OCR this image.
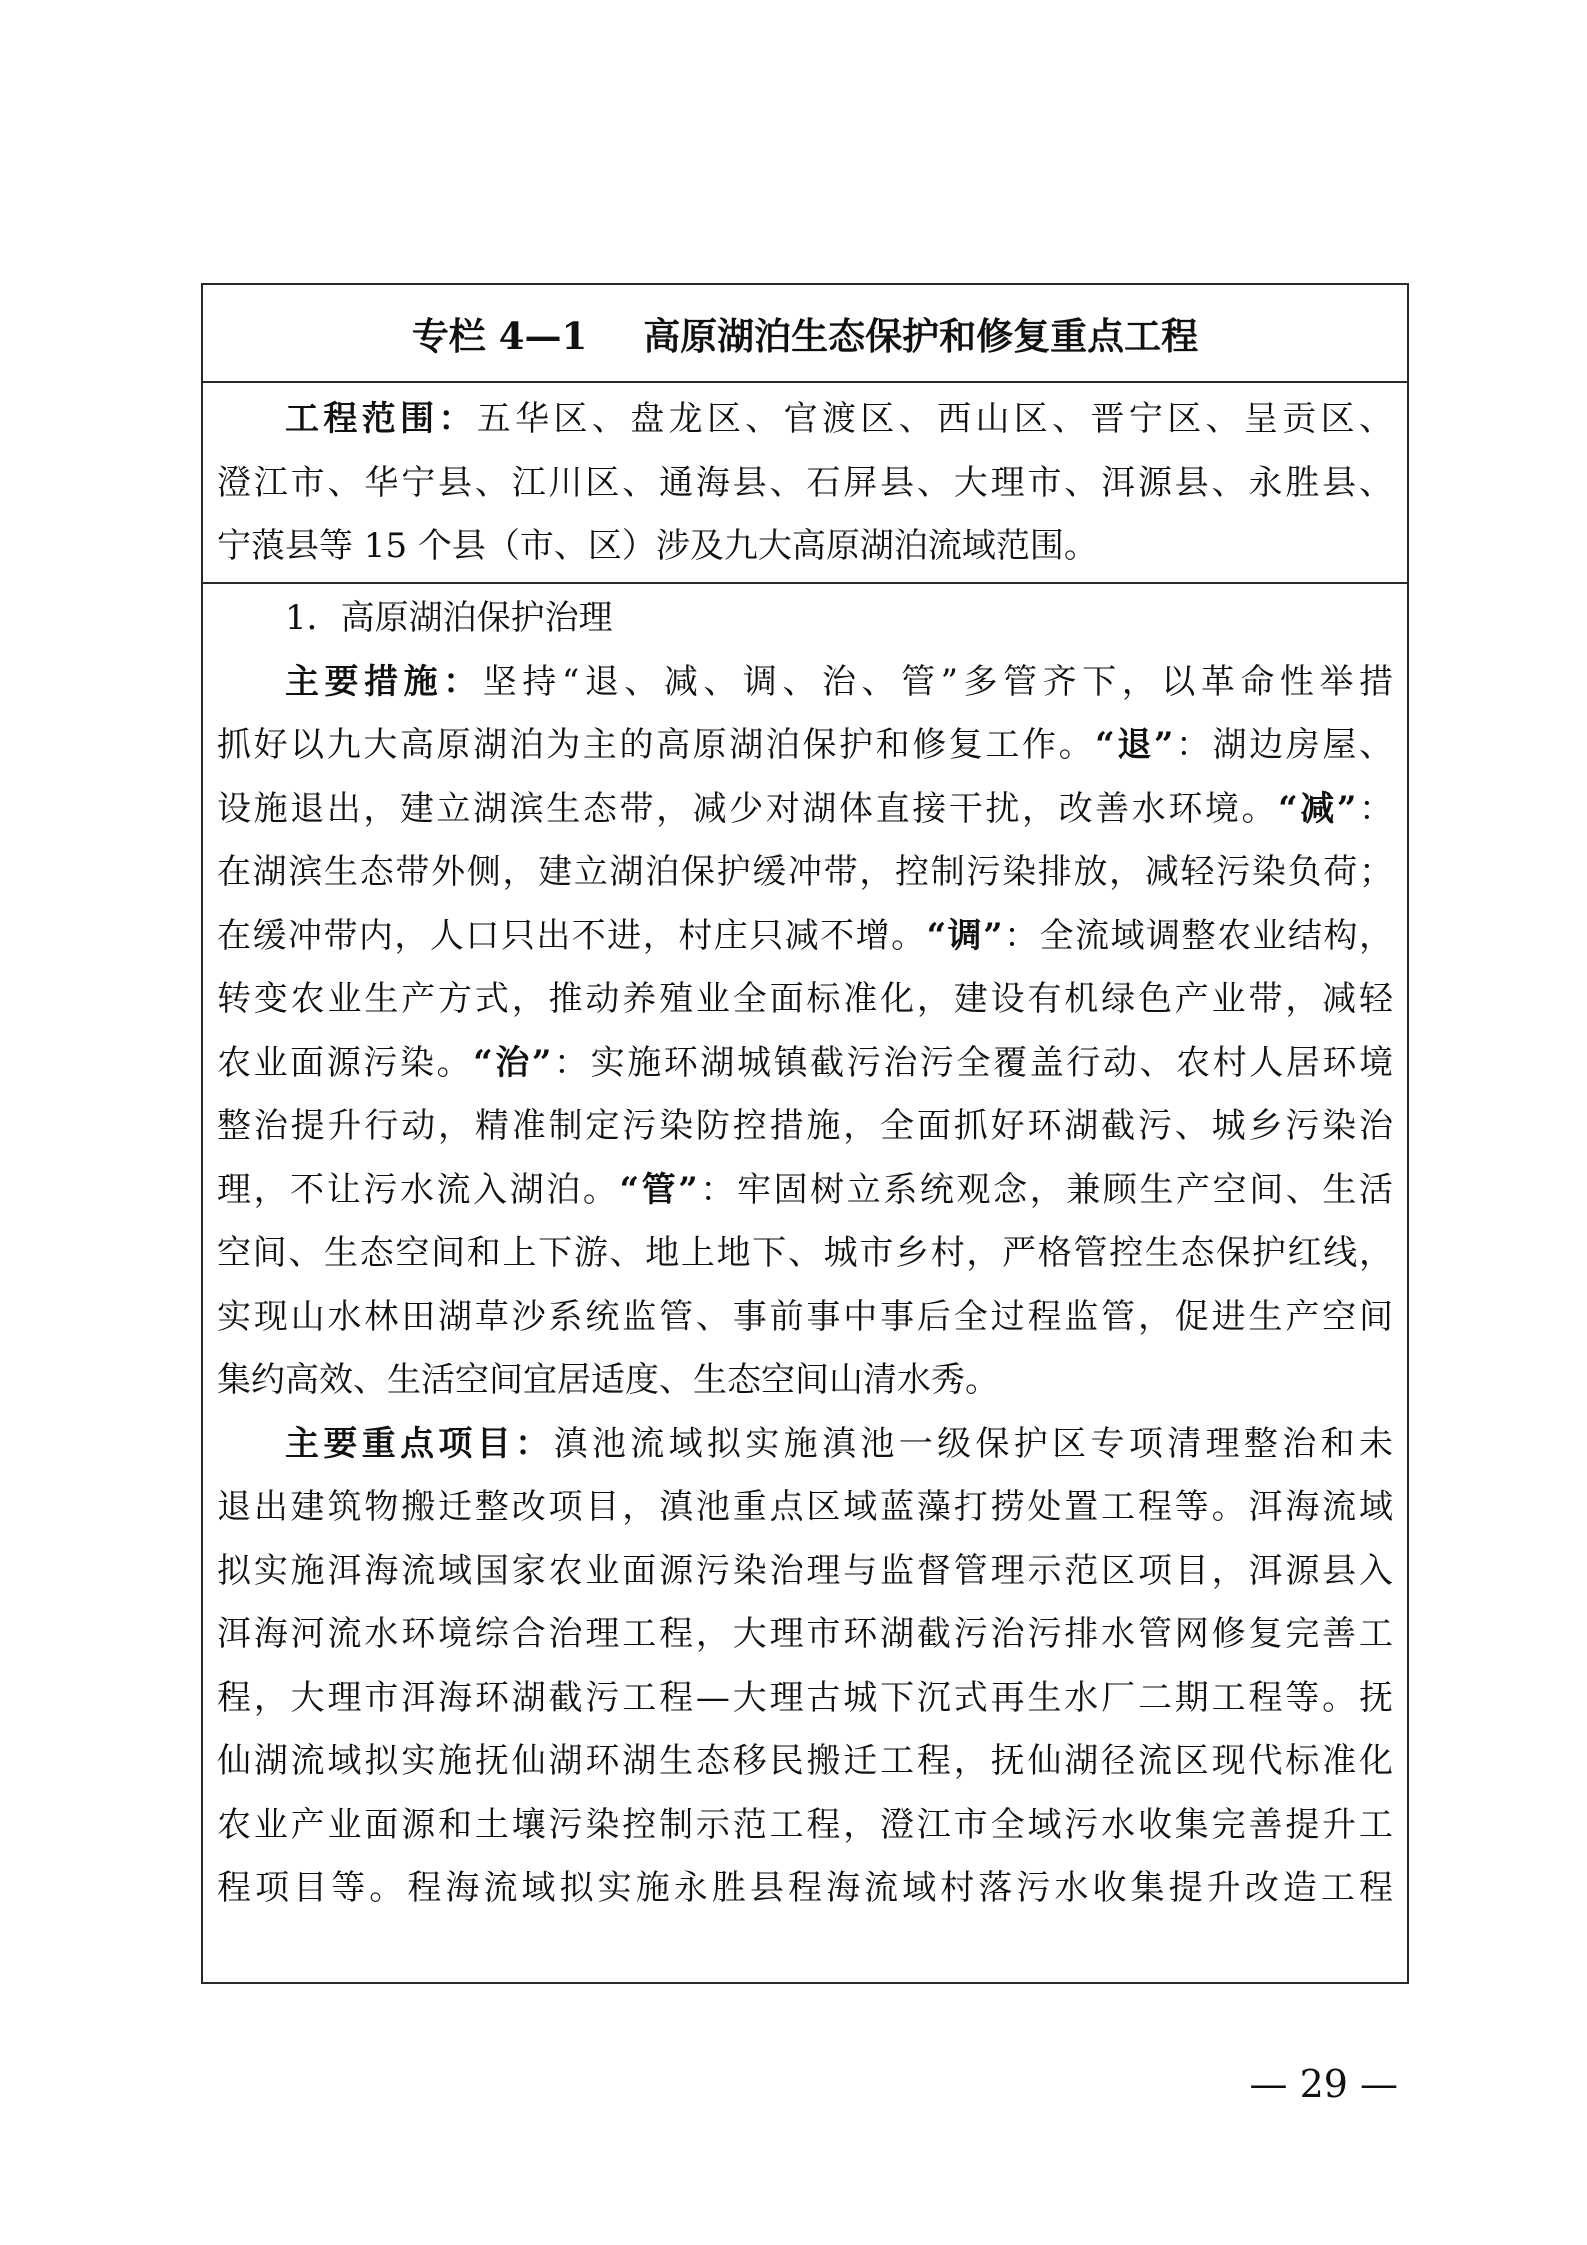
专栏 4—1 高原湖泊生态保护和修复重点工程
工程范围：五华区、盘龙区、官渡区、西山区、晋宁区、呈贡区、
澄江市、华宁县、江川区、通海县、石屏县、大理市、洱源县、永胜县、
宁蒗县等 15 个县（市、区）涉及九大高原湖泊流域范围。
1．高原湖泊保护治理
主要措施：坚持“退、减、调、治、管”多管齐下，以革命性举措
抓好以九大高原湖泊为主的高原湖泊保护和修复工作。“退”：湖边房屋、
设施退出，建立湖滨生态带，减少对湖体直接干扰，改善水环境。“减”：
在湖滨生态带外侧，建立湖泊保护缓冲带，控制污染排放，减轻污染负荷；
在缓冲带内，人口只出不进，村庄只减不增。“调”：全流域调整农业结构，
转变农业生产方式，推动养殖业全面标准化，建设有机绿色产业带，减轻
农业面源污染。“治”：实施环湖城镇截污治污全覆盖行动、农村人居环境
整治提升行动，精准制定污染防控措施，全面抓好环湖截污、城乡污染治
理，不让污水流入湖泊。“管”：牢固树立系统观念，兼顾生产空间、生活
空间、生态空间和上下游、地上地下、城市乡村，严格管控生态保护红线，
实现山水林田湖草沙系统监管、事前事中事后全过程监管，促进生产空间
集约高效、生活空间宜居适度、生态空间山清水秀。
主要重点项目：滇池流域拟实施滇池一级保护区专项清理整治和未
退出建筑物搬迁整改项目，滇池重点区域蓝藻打捞处置工程等。洱海流域
拟实施洱海流域国家农业面源污染治理与监督管理示范区项目，洱源县入
洱海河流水环境综合治理工程，大理市环湖截污治污排水管网修复完善工
程，大理市洱海环湖截污工程—大理古城下沉式再生水厂二期工程等。抚
仙湖流域拟实施抚仙湖环湖生态移民搬迁工程，抚仙湖径流区现代标准化
农业产业面源和土壤污染控制示范工程，澄江市全域污水收集完善提升工
程项目等。程海流域拟实施永胜县程海流域村落污水收集提升改造工程
— 29 —
